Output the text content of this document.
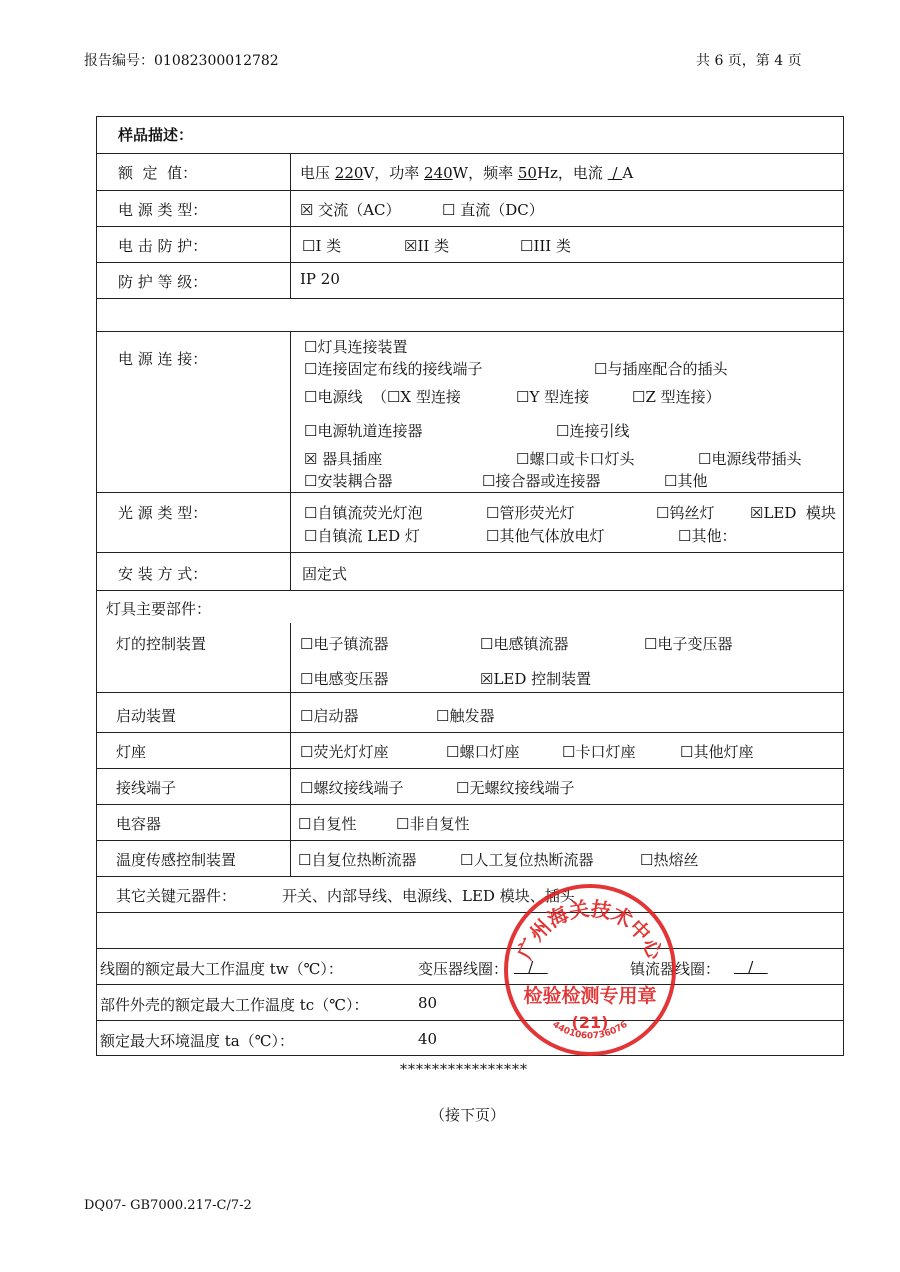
报告编号：01082300012782	共 6 页，第 4 页
样品描述：
额  定  值：	电压 220V，功率 240W，频率 50Hz，电流  / A
电 源 类 型：	☒ 交流（AC）	☐ 直流（DC）
电 击 防 护：	☐I 类	☒II 类	☐III 类
防 护 等 级：	IP 20
电 源 连 接：
☐灯具连接装置
☐连接固定布线的接线端子	☐与插座配合的插头
☐电源线  （☐X 型连接	☐Y 型连接	☐Z 型连接）
☐电源轨道连接器	☐连接引线
☒ 器具插座	☐螺口或卡口灯头	☐电源线带插头
☐安装耦合器	☐接合器或连接器	☐其他
光 源 类 型：	☐自镇流荧光灯泡	☐管形荧光灯	☐钨丝灯 ☒LED  模块
☐自镇流 LED 灯	☐其他气体放电灯	☐其他：
安 装 方 式：	固定式
灯具主要部件：
灯的控制装置	☐电子镇流器	☐电感镇流器	☐电子变压器
☐电感变压器	☒LED 控制装置
启动装置	☐启动器	☐触发器
灯座	☐荧光灯灯座	☐螺口灯座	☐卡口灯座	☐其他灯座
接线端子	☐螺纹接线端子	☐无螺纹接线端子
电容器	☐自复性	☐非自复性
温度传感控制装置	☐自复位热断流器	☐人工复位热断流器	☐热熔丝
其它关键元器件：	开关、内部导线、电源线、LED 模块、插头
线圈的额定最大工作温度 tw（℃）：	变压器线圈： /	镇流器线圈： /
部件外壳的额定最大工作温度 tc（℃）：	80
额定最大环境温度 ta（℃）：	40
****************
（接下页）
DQ07- GB7000.217-C/7-2
广州海关技术中心
检验检测专用章
(21)
4401060736076
